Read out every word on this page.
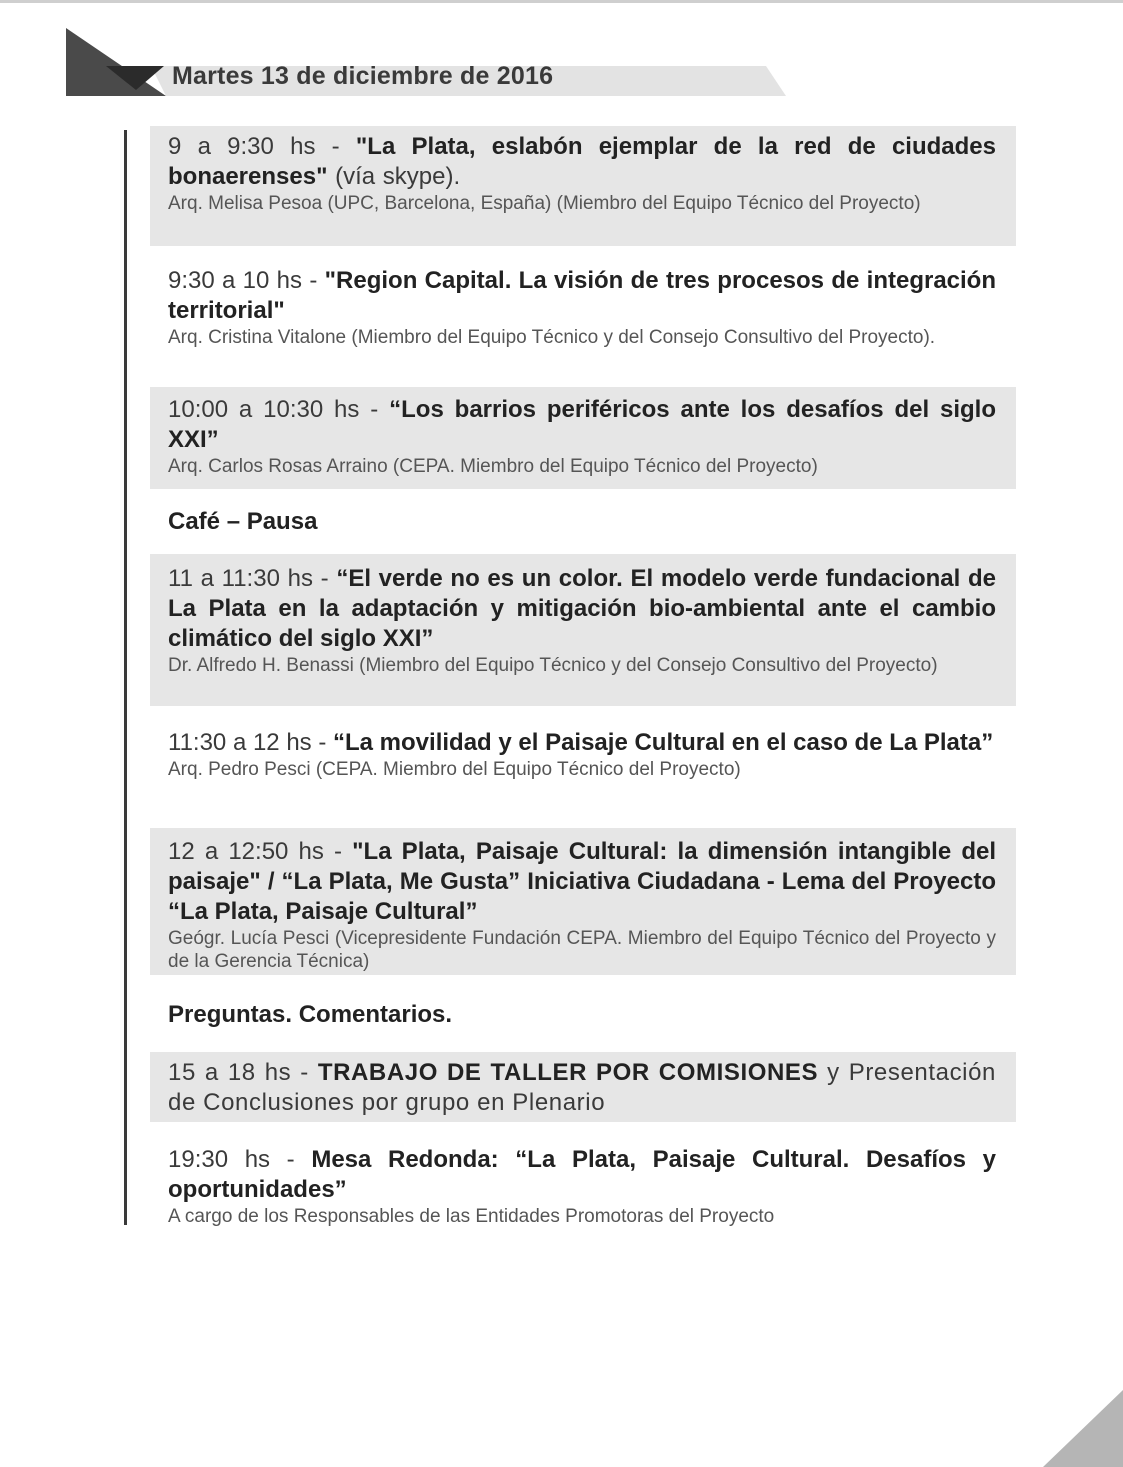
Martes 13 de diciembre de 2016
9 a 9:30 hs - "La Plata, eslabón ejemplar de la red de ciudades bonaerenses" (vía skype).
Arq. Melisa Pesoa (UPC, Barcelona, España) (Miembro del Equipo Técnico del Proyecto)
9:30 a 10 hs - "Region Capital. La visión de tres procesos de integración territorial"
Arq. Cristina Vitalone (Miembro del Equipo Técnico y del Consejo Consultivo del Proyecto).
10:00 a 10:30 hs - “Los barrios periféricos ante los desafíos del siglo XXI”
Arq. Carlos Rosas Arraino (CEPA. Miembro del Equipo Técnico del Proyecto)
Café – Pausa
11 a 11:30 hs - “El verde no es un color. El modelo verde fundacional de La Plata en la adaptación y mitigación bio-ambiental ante el cambio climático del siglo XXI”
Dr. Alfredo H. Benassi (Miembro del Equipo Técnico y del Consejo Consultivo del Proyecto)
11:30 a 12 hs - “La movilidad y el Paisaje Cultural en el caso de La Plata”
Arq. Pedro Pesci (CEPA. Miembro del Equipo Técnico del Proyecto)
12 a 12:50 hs - "La Plata, Paisaje Cultural: la dimensión intangible del paisaje" / “La Plata, Me Gusta” Iniciativa Ciudadana - Lema del Proyecto “La Plata, Paisaje Cultural”
Geógr. Lucía Pesci (Vicepresidente Fundación CEPA. Miembro del Equipo Técnico del Proyecto y de la Gerencia Técnica)
Preguntas. Comentarios.
15 a 18 hs - TRABAJO DE TALLER POR COMISIONES y Presentación de Conclusiones por grupo en Plenario
19:30 hs - Mesa Redonda: “La Plata, Paisaje Cultural. Desafíos y oportunidades”
A cargo de los Responsables de las Entidades Promotoras del Proyecto
